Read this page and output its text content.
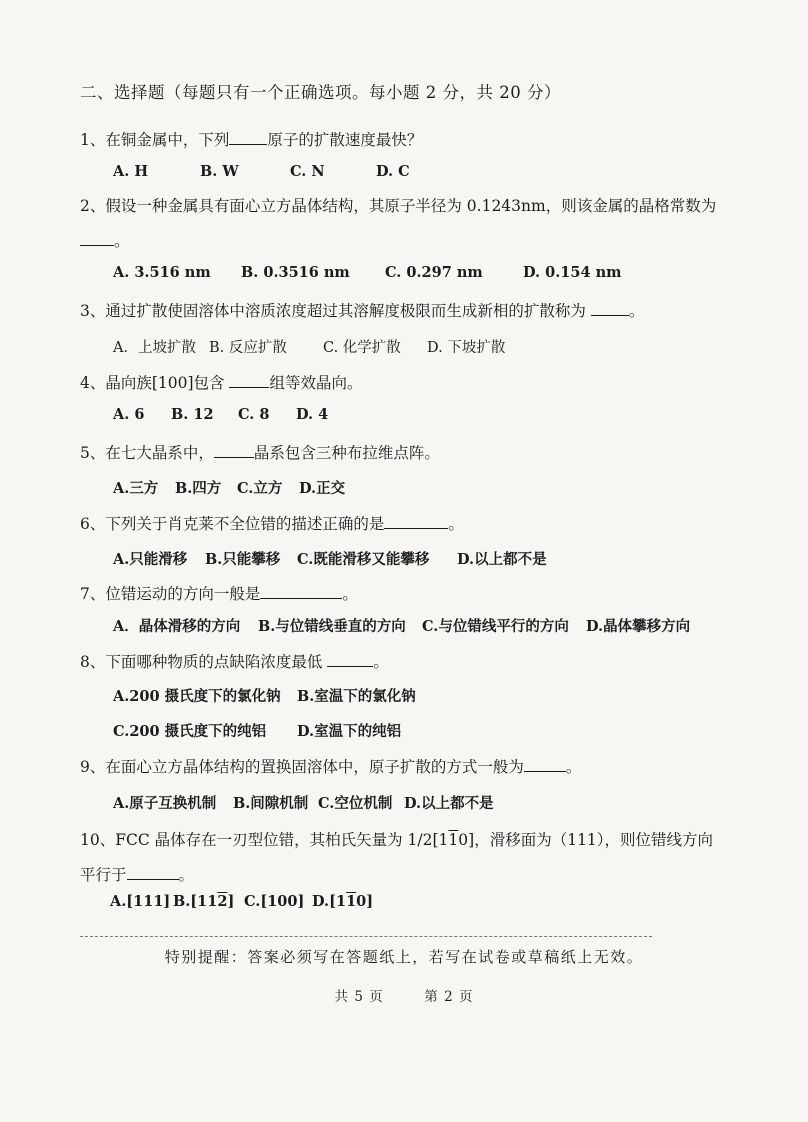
二、选择题（每题只有一个正确选项。每小题 2 分，共 20 分）
1、在铜金属中，下列 原子的扩散速度最快？
A. H	B. W	C. N	D. C
2、假设一种金属具有面心立方晶体结构，其原子半径为 0.1243nm，则该金属的晶格常数为。
A. 3.516 nm B. 0.3516 nm C. 0.297 nm	D. 0.154 nm
3、通过扩散使固溶体中溶质浓度超过其溶解度极限而生成新相的扩散称为	。
A．上坡扩散 B. 反应扩散 C. 化学扩散 D. 下坡扩散
4、晶向族[100]包含	组等效晶向。
A. 6 B. 12 C. 8 D. 4
5、在七大晶系中，	晶系包含三种布拉维点阵。
A.三方 B.四方 C.立方 D.正交
6、下列关于肖克莱不全位错的描述正确的是	。
A.只能滑移 B.只能攀移 C.既能滑移又能攀移 D.以上都不是
7、位错运动的方向一般是	。
A．晶体滑移的方向 B.与位错线垂直的方向 C.与位错线平行的方向 D.晶体攀移方向
8、下面哪种物质的点缺陷浓度最低	。
A.200 摄氏度下的氯化钠 B.室温下的氯化钠
C.200 摄氏度下的纯铝 D.室温下的纯铝
9、在面心立方晶体结构的置换固溶体中，原子扩散的方式一般为	。
A.原子互换机制 B.间隙机制 C.空位机制 D.以上都不是
10、FCC 晶体存在一刃型位错，其柏氏矢量为 1/2[110]，滑移面为（111），则位错线方向平行于	。
A.[111] B.[112] C.[100] D.[110]
特别提醒：答案必须写在答题纸上，若写在试卷或草稿纸上无效。
共 5 页	第 2 页
